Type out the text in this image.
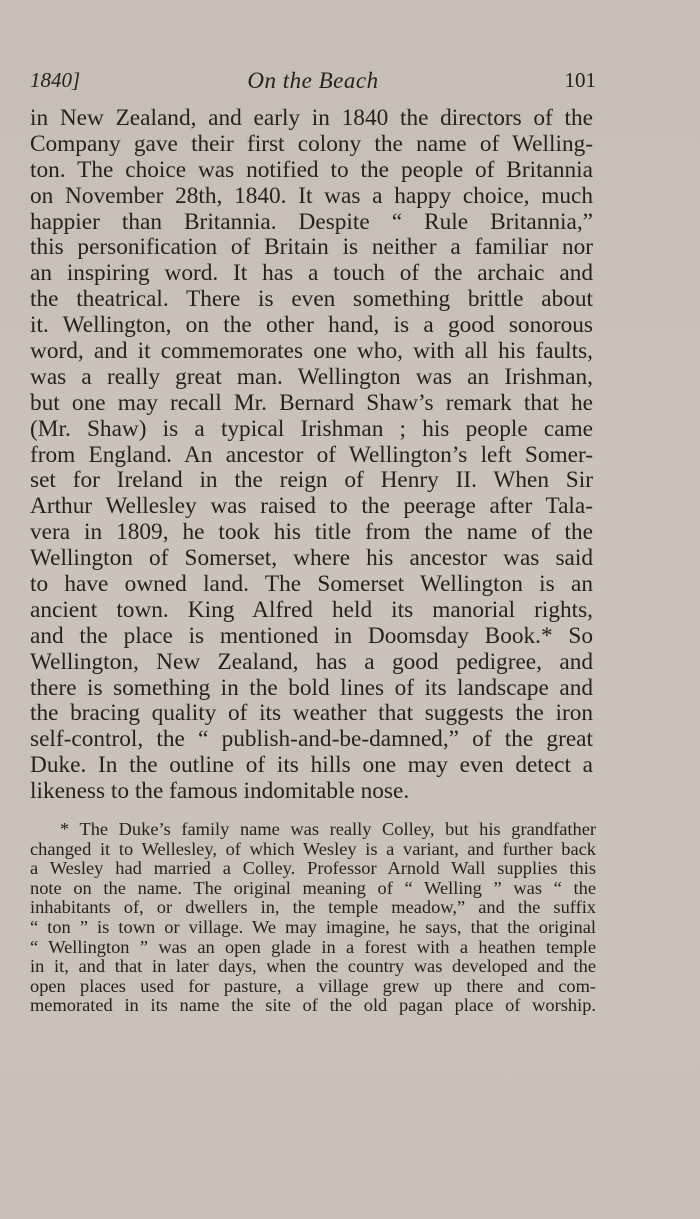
1840]	On the Beach	101
in New Zealand, and early in 1840 the directors of the
Company gave their first colony the name of Welling-
ton. The choice was notified to the people of Britannia
on November 28th, 1840. It was a happy choice, much
happier than Britannia. Despite “ Rule Britannia,”
this personification of Britain is neither a familiar nor
an inspiring word. It has a touch of the archaic and
the theatrical. There is even something brittle about
it. Wellington, on the other hand, is a good sonorous
word, and it commemorates one who, with all his faults,
was a really great man. Wellington was an Irishman,
but one may recall Mr. Bernard Shaw’s remark that he
(Mr. Shaw) is a typical Irishman ; his people came
from England. An ancestor of Wellington’s left Somer-
set for Ireland in the reign of Henry II. When Sir
Arthur Wellesley was raised to the peerage after Tala-
vera in 1809, he took his title from the name of the
Wellington of Somerset, where his ancestor was said
to have owned land. The Somerset Wellington is an
ancient town. King Alfred held its manorial rights,
and the place is mentioned in Doomsday Book.* So
Wellington, New Zealand, has a good pedigree, and
there is something in the bold lines of its landscape and
the bracing quality of its weather that suggests the iron
self-control, the “ publish-and-be-damned,” of the great
Duke. In the outline of its hills one may even detect a
likeness to the famous indomitable nose.
* The Duke’s family name was really Colley, but his grandfather
changed it to Wellesley, of which Wesley is a variant, and further back
a Wesley had married a Colley. Professor Arnold Wall supplies this
note on the name. The original meaning of “ Welling ” was “ the
inhabitants of, or dwellers in, the temple meadow,” and the suffix
“ ton ” is town or village. We may imagine, he says, that the original
“ Wellington ” was an open glade in a forest with a heathen temple
in it, and that in later days, when the country was developed and the
open places used for pasture, a village grew up there and com-
memorated in its name the site of the old pagan place of worship.
